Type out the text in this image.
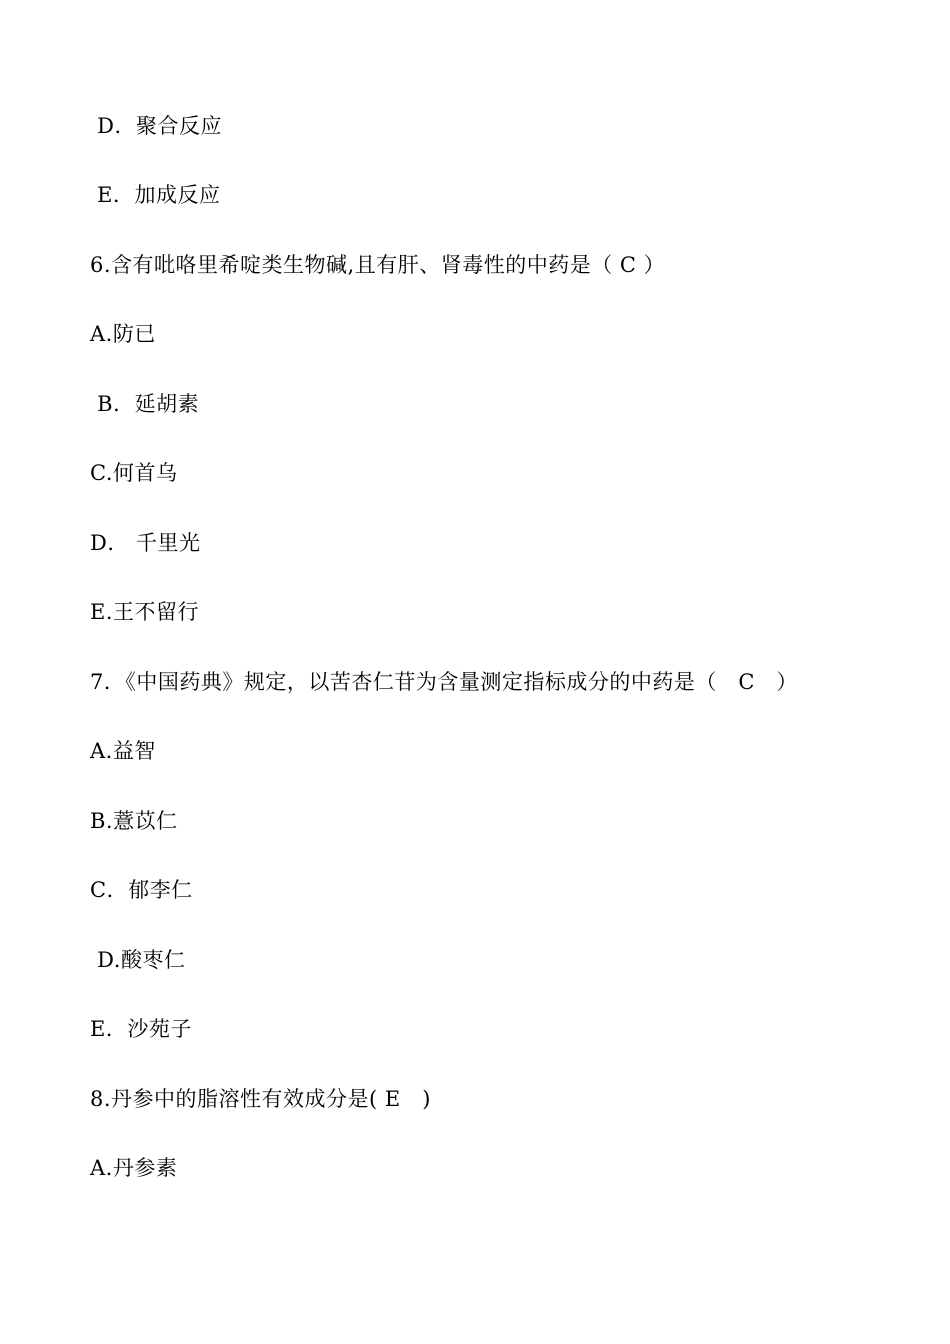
D．聚合反应
E．加成反应
6.含有吡咯里希啶类生物碱,且有肝、肾毒性的中药是（ C ）
A.防已
B．延胡素
C.何首乌
D． 千里光
E.王不留行
7．《中国药典》规定，以苦杏仁苷为含量测定指标成分的中药是（　C　）
A.益智
B.薏苡仁
C．郁李仁
D.酸枣仁
E．沙苑子
8.丹参中的脂溶性有效成分是( E　)
A.丹参素
